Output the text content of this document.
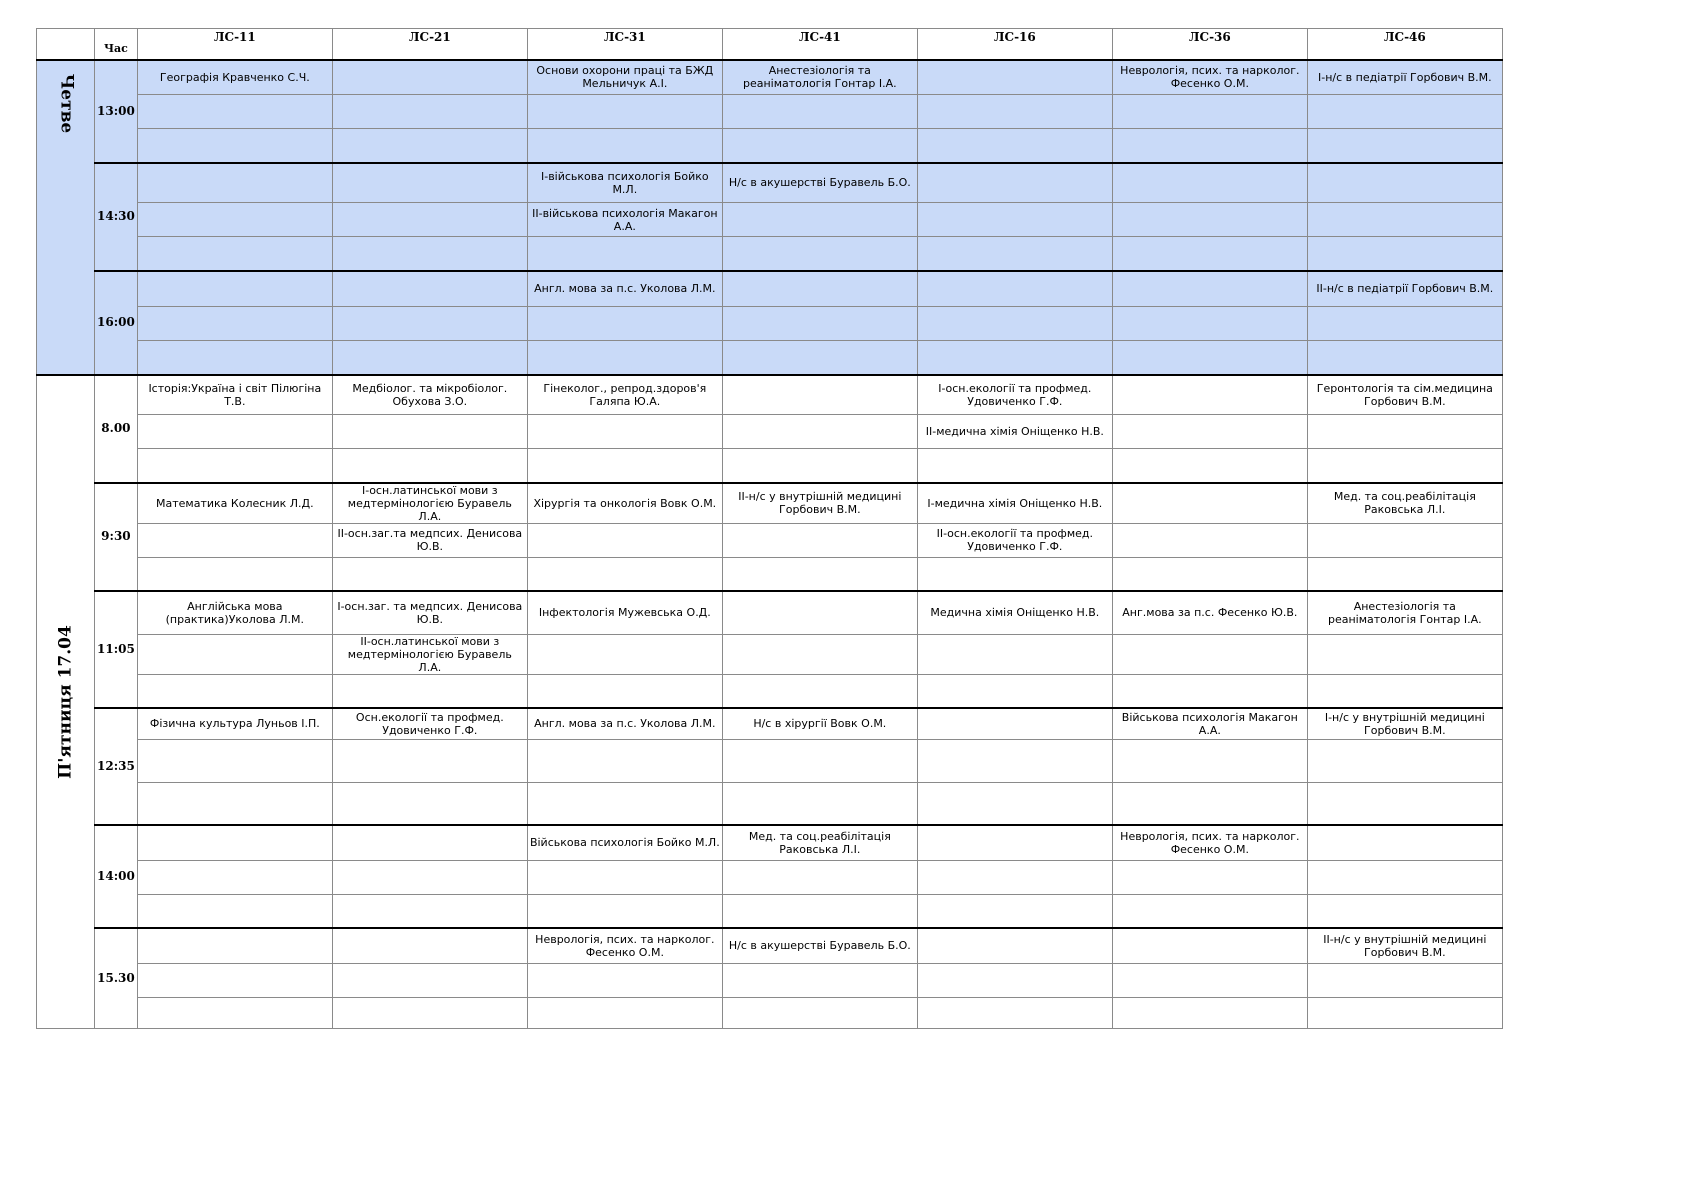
	Час	ЛС-11	ЛС-21	ЛС-31	ЛС-41	ЛС-16	ЛС-36	ЛС-46

Четве	13:00	Географія Кравченко С.Ч.		Основи охорони праці та БЖД Мельничук А.І.	Анестезіологія та реаніматологія Гонтар І.А.		Неврологія, псих. та нарколог. Фесенко О.М.	І-н/с в педіатрії Горбович В.М.

	14:30			І-військова психологія Бойко М.Л.	Н/с в акушерстві Буравель Б.О.			

				ІІ-військова психологія Макагон А.А.				

	16:00			Англ. мова за п.с. Уколова Л.М.				ІІ-н/с в педіатрії Горбович В.М.

П'ятниця 17.04	8.00	Історія:Україна і світ Пілюгіна Т.В.	Медбіолог. та мікробіолог. Обухова З.О.	Гінеколог., репрод.здоров'я Галяпа Ю.А.		І-осн.екології та профмед. Удовиченко Г.Ф.		Геронтологія та сім.медицина Горбович В.М.

						ІІ-медична хімія Оніщенко Н.В.		

	9:30	Математика Колесник Л.Д.	І-осн.латинської мови з медтермінологією Буравель Л.А.	Хірургія та онкологія Вовк О.М.	ІІ-н/с у внутрішній медицині Горбович В.М.	І-медична хімія Оніщенко Н.В.		Мед. та соц.реабілітація Раковська Л.І.

			ІІ-осн.заг.та медпсих. Денисова Ю.В.			ІІ-осн.екології та профмед. Удовиченко Г.Ф.		

	11:05	Англійська мова (практика)Уколова Л.М.	І-осн.заг. та медпсих. Денисова Ю.В.	Інфектологія Мужевська О.Д.		Медична хімія Оніщенко Н.В.	Анг.мова за п.с. Фесенко Ю.В.	Анестезіологія та реаніматологія Гонтар І.А.

			ІІ-осн.латинської мови з медтермінологією Буравель Л.А.					

	12:35	Фізична культура Луньов І.П.	Осн.екології та профмед. Удовиченко Г.Ф.	Англ. мова за п.с. Уколова Л.М.	Н/с в хірургії Вовк О.М.		Військова психологія Макагон А.А.	І-н/с у внутрішній медицині Горбович В.М.

	14:00			Військова психологія Бойко М.Л.	Мед. та соц.реабілітація Раковська Л.І.		Неврологія, псих. та нарколог. Фесенко О.М.	

	15.30			Неврологія, псих. та нарколог. Фесенко О.М.	Н/с в акушерстві Буравель Б.О.			ІІ-н/с у внутрішній медицині Горбович В.М.
